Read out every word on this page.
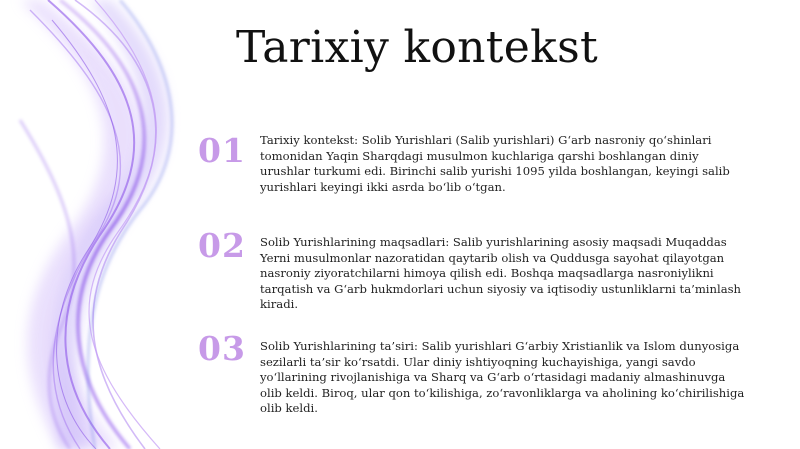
Tarixiy kontekst
01 Tarixiy kontekst: Solib Yurishlari (Salib yurishlari) G‘arb nasroniy qo‘shinlari tomonidan Yaqin Sharqdagi musulmon kuchlariga qarshi boshlangan diniy urushlar turkumi edi. Birinchi salib yurishi 1095 yilda boshlangan, keyingi salib yurishlari keyingi ikki asrda bo‘lib o‘tgan.
02 Solib Yurishlarining maqsadlari: Salib yurishlarining asosiy maqsadi Muqaddas Yerni musulmonlar nazoratidan qaytarib olish va Quddusga sayohat qilayotgan nasroniy ziyoratchilarni himoya qilish edi. Boshqa maqsadlarga nasroniylikni tarqatish va G‘arb hukmdorlari uchun siyosiy va iqtisodiy ustunliklarni ta’minlash kiradi.
03 Solib Yurishlarining ta’siri: Salib yurishlari G‘arbiy Xristianlik va Islom dunyosiga sezilarli ta’sir ko‘rsatdi. Ular diniy ishtiyoqning kuchayishiga, yangi savdo yo‘llarining rivojlanishiga va Sharq va G‘arb o‘rtasidagi madaniy almashinuvga olib keldi. Biroq, ular qon to‘kilishiga, zo‘ravonliklarga va aholining ko‘chirilishiga olib keldi.
